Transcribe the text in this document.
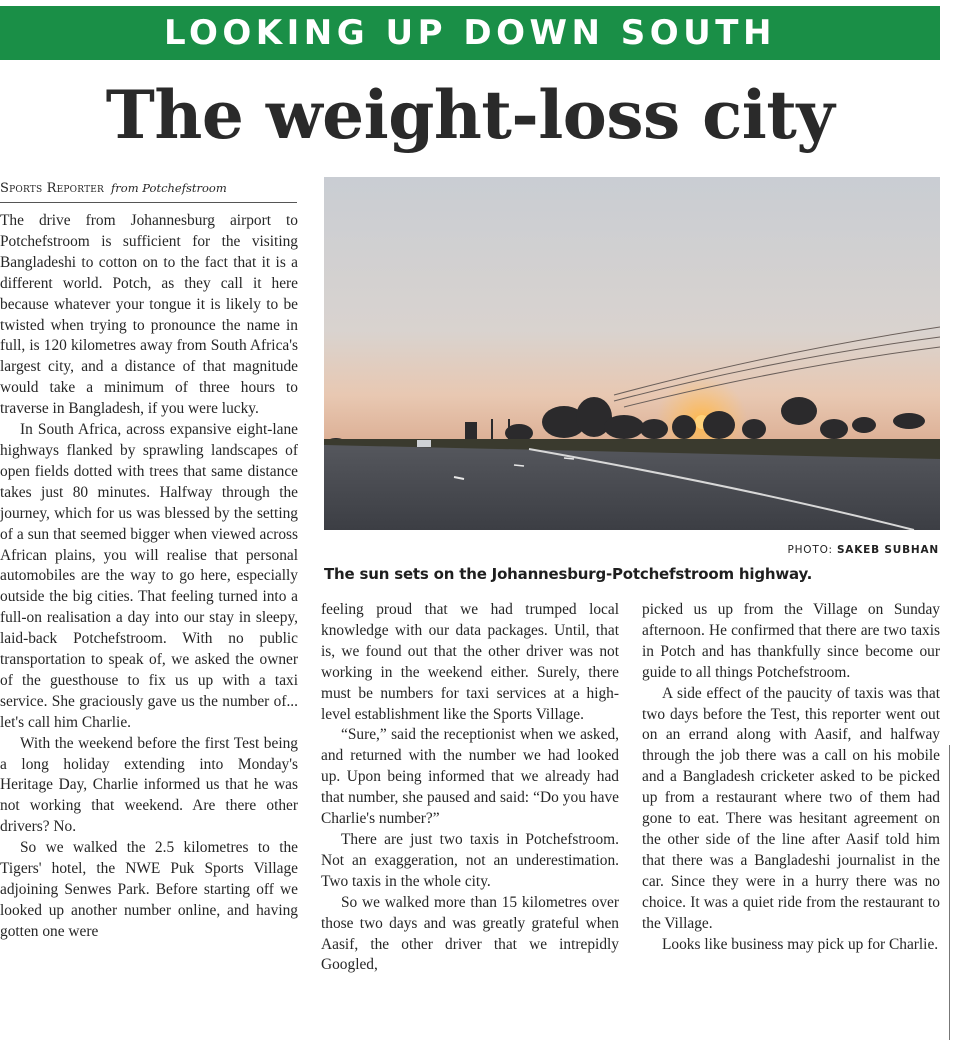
LOOKING UP DOWN SOUTH
The weight-loss city
Sports Reporter from Potchefstroom

The drive from Johannesburg airport to Potchefstroom is sufficient for the visiting Bangladeshi to cotton on to the fact that it is a different world. Potch, as they call it here because whatever your tongue it is likely to be twisted when trying to pronounce the name in full, is 120 kilometres away from South Africa's largest city, and a distance of that magnitude would take a minimum of three hours to traverse in Bangladesh, if you were lucky.

In South Africa, across expansive eight-lane highways flanked by sprawling landscapes of open fields dotted with trees that same distance takes just 80 minutes. Halfway through the journey, which for us was blessed by the setting of a sun that seemed bigger when viewed across African plains, you will realise that personal automobiles are the way to go here, especially outside the big cities. That feeling turned into a full-on realisation a day into our stay in sleepy, laid-back Potchefstroom. With no public transportation to speak of, we asked the owner of the guesthouse to fix us up with a taxi service. She graciously gave us the number of... let's call him Charlie.

With the weekend before the first Test being a long holiday extending into Monday's Heritage Day, Charlie informed us that he was not working that weekend. Are there other drivers? No.

So we walked the 2.5 kilometres to the Tigers' hotel, the NWE Puk Sports Village adjoining Senwes Park. Before starting off we looked up another number online, and having gotten one were

PHOTO: SAKEB SUBHAN
The sun sets on the Johannesburg-Potchefstroom highway.

feeling proud that we had trumped local knowledge with our data packages. Until, that is, we found out that the other driver was not working in the weekend either. Surely, there must be numbers for taxi services at a high-level establishment like the Sports Village.

“Sure,” said the receptionist when we asked, and returned with the number we had looked up. Upon being informed that we already had that number, she paused and said: “Do you have Charlie's number?”

There are just two taxis in Potchefstroom. Not an exaggeration, not an underestimation. Two taxis in the whole city.

So we walked more than 15 kilometres over those two days and was greatly grateful when Aasif, the other driver that we intrepidly Googled,

picked us up from the Village on Sunday afternoon. He confirmed that there are two taxis in Potch and has thankfully since become our guide to all things Potchefstroom.

A side effect of the paucity of taxis was that two days before the Test, this reporter went out on an errand along with Aasif, and halfway through the job there was a call on his mobile and a Bangladesh cricketer asked to be picked up from a restaurant where two of them had gone to eat. There was hesitant agreement on the other side of the line after Aasif told him that there was a Bangladeshi journalist in the car. Since they were in a hurry there was no choice. It was a quiet ride from the restaurant to the Village.

Looks like business may pick up for Charlie.
